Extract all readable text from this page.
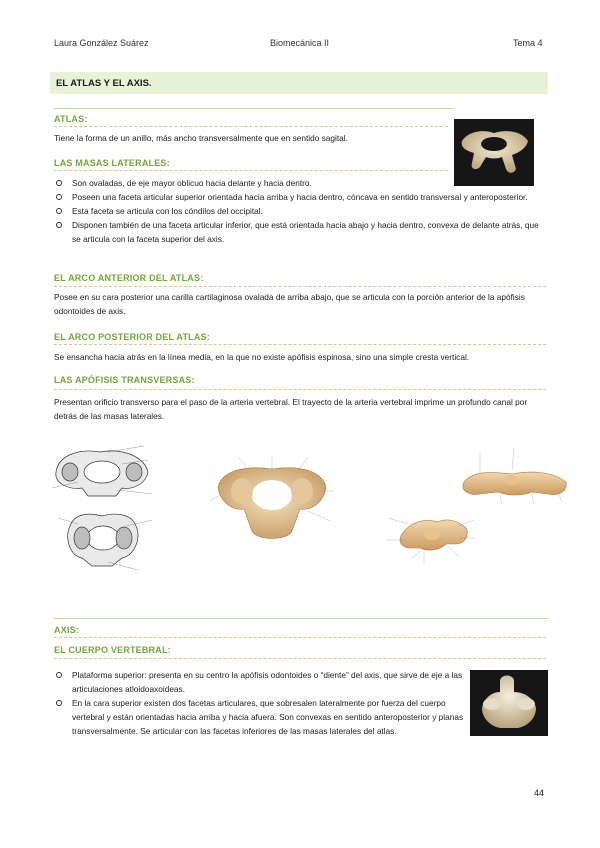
Laura González Suárez	Biomecánica II	Tema 4
EL ATLAS Y EL AXIS.
ATLAS:
Tiene la forma de un anillo, más ancho transversalmente que en sentido sagital.
LAS MASAS LATERALES:
Son ovaladas, de eje mayor oblicuo hacia delante y hacia dentro.
Poseen una faceta articular superior orientada hacia arriba y hacia dentro, cóncava en sentido transversal y anteroposterior.
Esta faceta se articula con los cóndilos del occipital.
Disponen también de una faceta articular inferior, que está orientada hacia abajo y hacia dentro, convexa de delante atrás, que se articula con la faceta superior del axis.
EL ARCO ANTERIOR DEL ATLAS:
Posee en su cara posterior una carilla cartilaginosa ovalada de arriba abajo, que se articula con la porción anterior de la apófisis odontoides de axis.
EL ARCO POSTERIOR DEL ATLAS:
Se ensancha hacia atrás en la línea media, en la que no existe apófisis espinosa, sino una simple cresta vertical.
LAS APÓFISIS TRANSVERSAS:
Presentan orificio transverso para el paso de la arteria vertebral. El trayecto de la arteria vertebral imprime un profundo canal por detrás de las masas laterales.
AXIS:
EL CUERPO VERTEBRAL:
Plataforma superior: presenta en su centro la apófisis odontoides o “diente” del axis, que sirve de eje a las articulaciones atloidoaxoideas.
En la cara superior existen dos facetas articulares, que sobresalen lateralmente por fuerza del cuerpo vertebral y están orientadas hacia arriba y hacia afuera. Son convexas en sentido anteroposterior y planas transversalmente. Se articular con las facetas inferiores de las masas laterales del atlas.
44
